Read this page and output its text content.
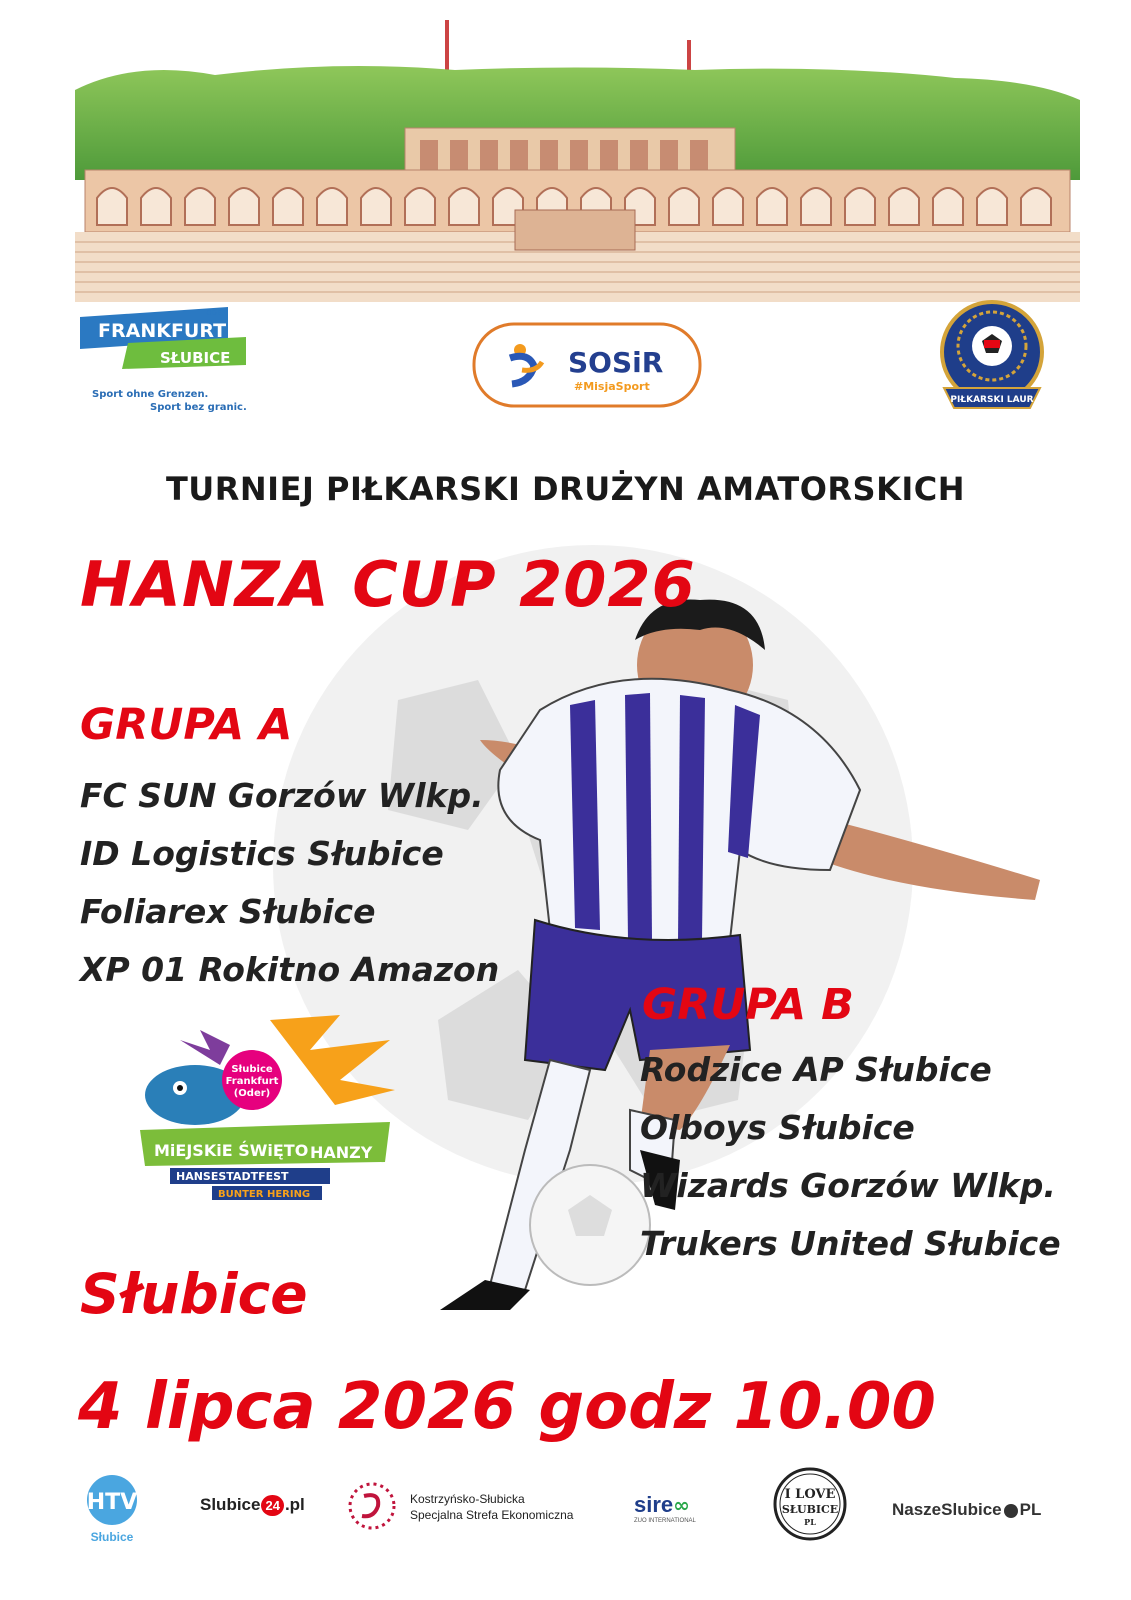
FRANKFURT
SŁUBICE
ODER
Sport ohne Grenzen.
Sport bez granic.
SOSiR
#MisjaSport
PIŁKARSKI LAUR
TURNIEJ PIŁKARSKI DRUŻYN AMATORSKICH
HANZA CUP 2026
GRUPA A
FC SUN Gorzów Wlkp.
ID Logistics Słubice
Foliarex Słubice
XP 01 Rokitno Amazon
GRUPA B
Rodzice AP Słubice
Olboys Słubice
Wizards Gorzów Wlkp.
Trukers United Słubice
Słubice
Frankfurt
(Oder)
MiEJSKiE ŚWiĘTO HANZY
HANSESTADTFEST
BUNTER HERING
Słubice
4 lipca 2026 godz 10.00
HTV
Słubice
Slubice 24 .pl	Kostrzyńsko-Słubicka
Specjalna Strefa Ekonomiczna	sire∞
ZUO INTERNATIONAL
I LOVE
SŁUBICE
PL
NaszeSlubice PL
